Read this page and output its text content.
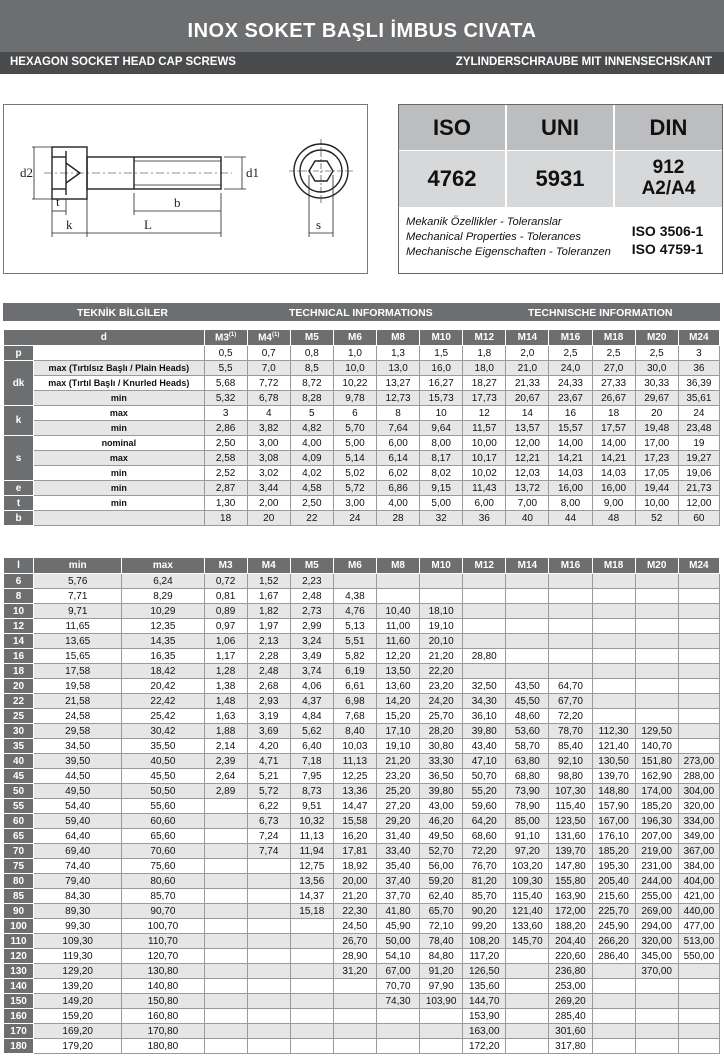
INOX SOKET BAŞLI İMBUS CIVATA
HEXAGON SOCKET HEAD CAP SCREWS	ZYLINDERSCHRAUBE MIT INNENSECHSKANT
d2	d1
t	b
k	L	s
ISO	UNI	DIN
4762	5931	912
A2/A4
Mekanik Özellikler - Toleranslar
Mechanical Properties - Tolerances
Mechanische Eigenschaften - Toleranzen
ISO 3506-1
ISO 4759-1
TEKNİK BİLGİLER	TECHNICAL INFORMATIONS	TECHNISCHE INFORMATION
d		M3$^{(1)}$	M4$^{(1)}$	M5	M6	M8	M10	M12	M14	M16	M18	M20	M24
p		0,5	0,7	0,8	1,0	1,3	1,5	1,8	2,0	2,5	2,5	2,5	3
dk	max (Tırtılsız Başlı / Plain Heads)	5,5	7,0	8,5	10,0	13,0	16,0	18,0	21,0	24,0	27,0	30,0	36
	max (Tırtıl Başlı / Knurled Heads)	5,68	7,72	8,72	10,22	13,27	16,27	18,27	21,33	24,33	27,33	30,33	36,39
	min	5,32	6,78	8,28	9,78	12,73	15,73	17,73	20,67	23,67	26,67	29,67	35,61
k	max	3	4	5	6	8	10	12	14	16	18	20	24
	min	2,86	3,82	4,82	5,70	7,64	9,64	11,57	13,57	15,57	17,57	19,48	23,48
s	nominal	2,50	3,00	4,00	5,00	6,00	8,00	10,00	12,00	14,00	14,00	17,00	19
	max	2,58	3,08	4,09	5,14	6,14	8,17	10,17	12,21	14,21	14,21	17,23	19,27
	min	2,52	3,02	4,02	5,02	6,02	8,02	10,02	12,03	14,03	14,03	17,05	19,06
e	min	2,87	3,44	4,58	5,72	6,86	9,15	11,43	13,72	16,00	16,00	19,44	21,73
t	min	1,30	2,00	2,50	3,00	4,00	5,00	6,00	7,00	8,00	9,00	10,00	12,00
b		18	20	22	24	28	32	36	40	44	48	52	60
l	min	max	M3	M4	M5	M6	M8	M10	M12	M14	M16	M18	M20	M24
6	5,76	6,24	0,72	1,52	2,23									
8	7,71	8,29	0,81	1,67	2,48	4,38								
10	9,71	10,29	0,89	1,82	2,73	4,76	10,40	18,10						
12	11,65	12,35	0,97	1,97	2,99	5,13	11,00	19,10						
14	13,65	14,35	1,06	2,13	3,24	5,51	11,60	20,10						
16	15,65	16,35	1,17	2,28	3,49	5,82	12,20	21,20	28,80					
18	17,58	18,42	1,28	2,48	3,74	6,19	13,50	22,20						
20	19,58	20,42	1,38	2,68	4,06	6,61	13,60	23,20	32,50	43,50	64,70			
22	21,58	22,42	1,48	2,93	4,37	6,98	14,20	24,20	34,30	45,50	67,70			
25	24,58	25,42	1,63	3,19	4,84	7,68	15,20	25,70	36,10	48,60	72,20			
30	29,58	30,42	1,88	3,69	5,62	8,40	17,10	28,20	39,80	53,60	78,70	112,30	129,50	
35	34,50	35,50	2,14	4,20	6,40	10,03	19,10	30,80	43,40	58,70	85,40	121,40	140,70	
40	39,50	40,50	2,39	4,71	7,18	11,13	21,20	33,30	47,10	63,80	92,10	130,50	151,80	273,00
45	44,50	45,50	2,64	5,21	7,95	12,25	23,20	36,50	50,70	68,80	98,80	139,70	162,90	288,00
50	49,50	50,50	2,89	5,72	8,73	13,36	25,20	39,80	55,20	73,90	107,30	148,80	174,00	304,00
55	54,40	55,60		6,22	9,51	14,47	27,20	43,00	59,60	78,90	115,40	157,90	185,20	320,00
60	59,40	60,60		6,73	10,32	15,58	29,20	46,20	64,20	85,00	123,50	167,00	196,30	334,00
65	64,40	65,60		7,24	11,13	16,20	31,40	49,50	68,60	91,10	131,60	176,10	207,00	349,00
70	69,40	70,60		7,74	11,94	17,81	33,40	52,70	72,20	97,20	139,70	185,20	219,00	367,00
75	74,40	75,60			12,75	18,92	35,40	56,00	76,70	103,20	147,80	195,30	231,00	384,00
80	79,40	80,60			13,56	20,00	37,40	59,20	81,20	109,30	155,80	205,40	244,00	404,00
85	84,30	85,70			14,37	21,20	37,70	62,40	85,70	115,40	163,90	215,60	255,00	421,00
90	89,30	90,70			15,18	22,30	41,80	65,70	90,20	121,40	172,00	225,70	269,00	440,00
100	99,30	100,70				24,50	45,90	72,10	99,20	133,60	188,20	245,90	294,00	477,00
110	109,30	110,70				26,70	50,00	78,40	108,20	145,70	204,40	266,20	320,00	513,00
120	119,30	120,70				28,90	54,10	84,80	117,20		220,60	286,40	345,00	550,00
130	129,20	130,80				31,20	67,00	91,20	126,50		236,80		370,00	
140	139,20	140,80					70,70	97,90	135,60		253,00			
150	149,20	150,80					74,30	103,90	144,70		269,20			
160	159,20	160,80							153,90		285,40			
170	169,20	170,80							163,00		301,60			
180	179,20	180,80							172,20		317,80			
